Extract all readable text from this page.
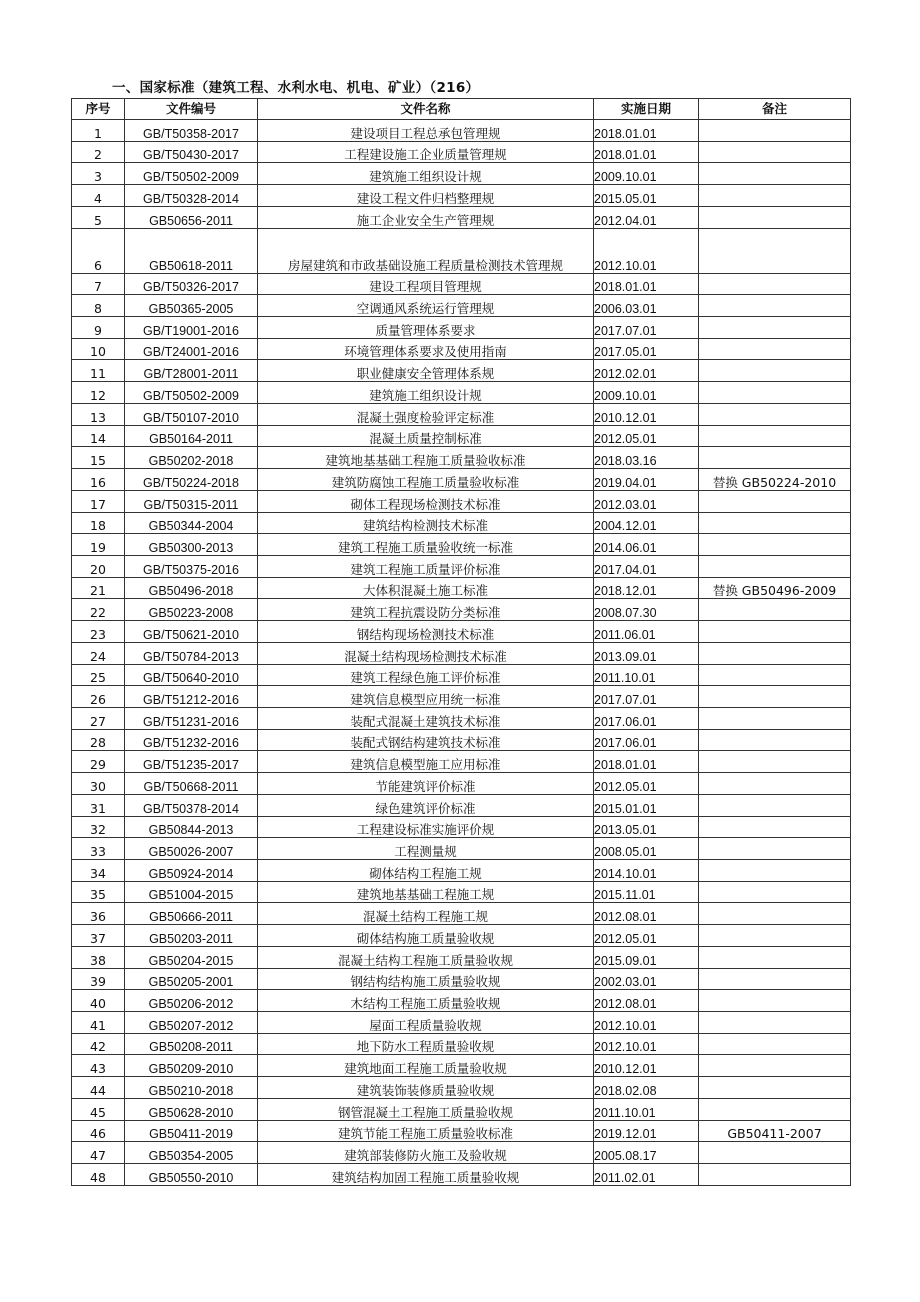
一、国家标准（建筑工程、水利水电、机电、矿业）（216）
序号	文件编号	文件名称	实施日期	备注
1	GB/T50358-2017	建设项目工程总承包管理规	2018.01.01	
2	GB/T50430-2017	工程建设施工企业质量管理规	2018.01.01	
3	GB/T50502-2009	建筑施工组织设计规	2009.10.01	
4	GB/T50328-2014	建设工程文件归档整理规	2015.05.01	
5	GB50656-2011	施工企业安全生产管理规	2012.04.01	
6	GB50618-2011	房屋建筑和市政基础设施工程质量检测技术管理规	2012.10.01	
7	GB/T50326-2017	建设工程项目管理规	2018.01.01	
8	GB50365-2005	空调通风系统运行管理规	2006.03.01	
9	GB/T19001-2016	质量管理体系要求	2017.07.01	
10	GB/T24001-2016	环境管理体系要求及使用指南	2017.05.01	
11	GB/T28001-2011	职业健康安全管理体系规	2012.02.01	
12	GB/T50502-2009	建筑施工组织设计规	2009.10.01	
13	GB/T50107-2010	混凝土强度检验评定标准	2010.12.01	
14	GB50164-2011	混凝土质量控制标准	2012.05.01	
15	GB50202-2018	建筑地基基础工程施工质量验收标准	2018.03.16	
16	GB/T50224-2018	建筑防腐蚀工程施工质量验收标准	2019.04.01	替换 GB50224-2010
17	GB/T50315-2011	砌体工程现场检测技术标准	2012.03.01	
18	GB50344-2004	建筑结构检测技术标准	2004.12.01	
19	GB50300-2013	建筑工程施工质量验收统一标准	2014.06.01	
20	GB/T50375-2016	建筑工程施工质量评价标准	2017.04.01	
21	GB50496-2018	大体积混凝土施工标准	2018.12.01	替换 GB50496-2009
22	GB50223-2008	建筑工程抗震设防分类标准	2008.07.30	
23	GB/T50621-2010	钢结构现场检测技术标准	2011.06.01	
24	GB/T50784-2013	混凝土结构现场检测技术标准	2013.09.01	
25	GB/T50640-2010	建筑工程绿色施工评价标准	2011.10.01	
26	GB/T51212-2016	建筑信息模型应用统一标准	2017.07.01	
27	GB/T51231-2016	装配式混凝土建筑技术标准	2017.06.01	
28	GB/T51232-2016	装配式钢结构建筑技术标准	2017.06.01	
29	GB/T51235-2017	建筑信息模型施工应用标准	2018.01.01	
30	GB/T50668-2011	节能建筑评价标准	2012.05.01	
31	GB/T50378-2014	绿色建筑评价标准	2015.01.01	
32	GB50844-2013	工程建设标准实施评价规	2013.05.01	
33	GB50026-2007	工程测量规	2008.05.01	
34	GB50924-2014	砌体结构工程施工规	2014.10.01	
35	GB51004-2015	建筑地基基础工程施工规	2015.11.01	
36	GB50666-2011	混凝土结构工程施工规	2012.08.01	
37	GB50203-2011	砌体结构施工质量验收规	2012.05.01	
38	GB50204-2015	混凝土结构工程施工质量验收规	2015.09.01	
39	GB50205-2001	钢结构结构施工质量验收规	2002.03.01	
40	GB50206-2012	木结构工程施工质量验收规	2012.08.01	
41	GB50207-2012	屋面工程质量验收规	2012.10.01	
42	GB50208-2011	地下防水工程质量验收规	2012.10.01	
43	GB50209-2010	建筑地面工程施工质量验收规	2010.12.01	
44	GB50210-2018	建筑装饰装修质量验收规	2018.02.08	
45	GB50628-2010	钢管混凝土工程施工质量验收规	2011.10.01	
46	GB50411-2019	建筑节能工程施工质量验收标准	2019.12.01	GB50411-2007
47	GB50354-2005	建筑部装修防火施工及验收规	2005.08.17	
48	GB50550-2010	建筑结构加固工程施工质量验收规	2011.02.01	
